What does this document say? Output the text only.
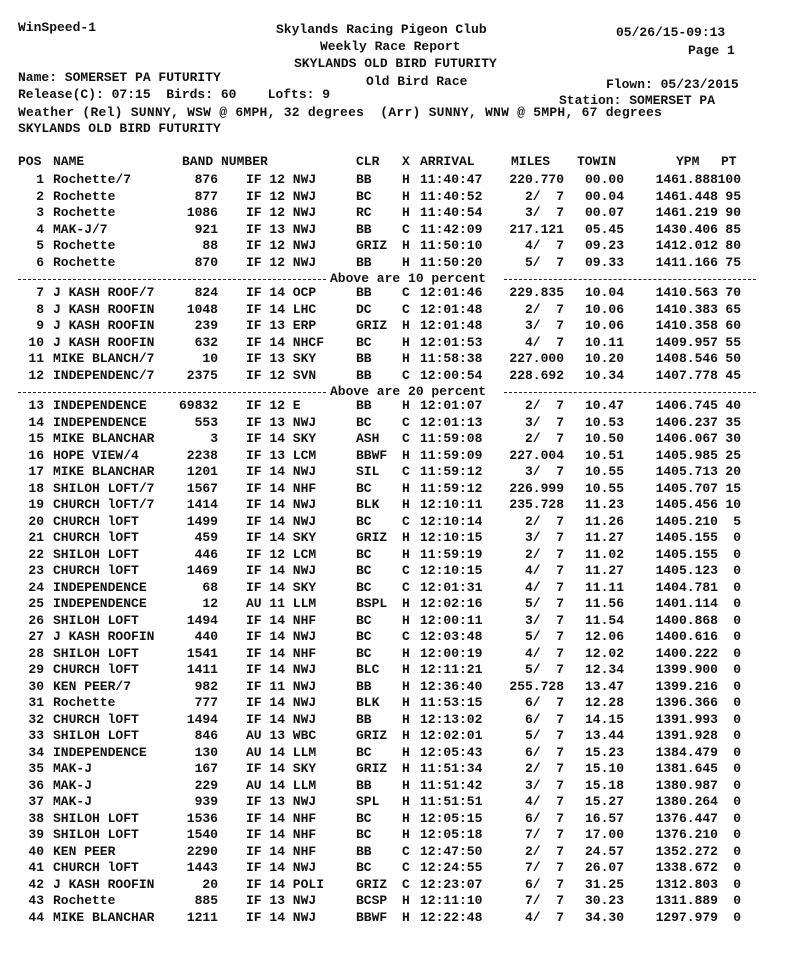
WinSpeed-1	Skylands Racing Pigeon Club	05/26/15-09:13
Weekly Race Report	Page 1
SKYLANDS OLD BIRD FUTURITY
Name: SOMERSET PA FUTURITY	Old Bird Race	Flown: 05/23/2015
Release(C): 07:15  Birds: 60    Lofts: 9	Station: SOMERSET PA
Weather (Rel) SUNNY, WSW @ 6MPH, 32 degrees  (Arr) SUNNY, WNW @ 5MPH, 67 degrees
SKYLANDS OLD BIRD FUTURITY
POS NAME	BAND NUMBER	CLR X ARRIVAL	MILES TOWIN	YPM PT
1 Rochette/7	876 IF 12 NWJ	BB	H 11:40:47	220.770	00.00	1461.888 100
2 Rochette	877 IF 12 NWJ	BC	H 11:40:52	2/  7	00.04	1461.448 95
3 Rochette	1086 IF 12 NWJ	RC	H 11:40:54	3/  7	00.07	1461.219 90
4 MAK-J/7	921 IF 13 NWJ	BB	C 11:42:09	217.121	05.45	1430.406 85
5 Rochette	88 IF 12 NWJ	GRIZ	H 11:50:10	4/  7	09.23	1412.012 80
6 Rochette	870 IF 12 NWJ	BB	H 11:50:20	5/  7	09.33	1411.166 75
Above are 10 percent
7 J KASH ROOF/7	824 IF 14 OCP	BB	C 12:01:46	229.835	10.04	1410.563 70
8 J KASH ROOFIN	1048 IF 14 LHC	DC	C 12:01:48	2/  7	10.06	1410.383 65
9 J KASH ROOFIN	239 IF 13 ERP	GRIZ	H 12:01:48	3/  7	10.06	1410.358 60
10 J KASH ROOFIN	632 IF 14 NHCF	BC	H 12:01:53	4/  7	10.11	1409.957 55
11 MIKE BLANCH/7	10 IF 13 SKY	BB	H 11:58:38	227.000	10.20	1408.546 50
12 INDEPENDENC/7	2375 IF 12 SVN	BB	C 12:00:54	228.692	10.34	1407.778 45
Above are 20 percent
13 INDEPENDENCE	69832 IF 12 E	BB	H 12:01:07	2/  7	10.47	1406.745 40
14 INDEPENDENCE	553 IF 13 NWJ	BC	C 12:01:13	3/  7	10.53	1406.237 35
15 MIKE BLANCHAR	3 IF 14 SKY	ASH	C 11:59:08	2/  7	10.50	1406.067 30
16 HOPE VIEW/4	2238 IF 13 LCM	BBWF	H 11:59:09	227.004	10.51	1405.985 25
17 MIKE BLANCHAR	1201 IF 14 NWJ	SIL	C 11:59:12	3/  7	10.55	1405.713 20
18 SHILOH LOFT/7	1567 IF 14 NHF	BC	H 11:59:12	226.999	10.55	1405.707 15
19 CHURCH lOFT/7	1414 IF 14 NWJ	BLK	H 12:10:11	235.728	11.23	1405.456 10
20 CHURCH lOFT	1499 IF 14 NWJ	BC	C 12:10:14	2/  7	11.26	1405.210	5
21 CHURCH lOFT	459 IF 14 SKY	GRIZ	H 12:10:15	3/  7	11.27	1405.155	0
22 SHILOH LOFT	446 IF 12 LCM	BC	H 11:59:19	2/  7	11.02	1405.155	0
23 CHURCH lOFT	1469 IF 14 NWJ	BC	C 12:10:15	4/  7	11.27	1405.123	0
24 INDEPENDENCE	68 IF 14 SKY	BC	C 12:01:31	4/  7	11.11	1404.781	0
25 INDEPENDENCE	12 AU 11 LLM	BSPL	H 12:02:16	5/  7	11.56	1401.114	0
26 SHILOH LOFT	1494 IF 14 NHF	BC	H 12:00:11	3/  7	11.54	1400.868	0
27 J KASH ROOFIN	440 IF 14 NWJ	BC	C 12:03:48	5/  7	12.06	1400.616	0
28 SHILOH LOFT	1541 IF 14 NHF	BC	H 12:00:19	4/  7	12.02	1400.222	0
29 CHURCH lOFT	1411 IF 14 NWJ	BLC	H 12:11:21	5/  7	12.34	1399.900	0
30 KEN PEER/7	982 IF 11 NWJ	BB	H 12:36:40	255.728	13.47	1399.216	0
31 Rochette	777 IF 14 NWJ	BLK	H 11:53:15	6/  7	12.28	1396.366	0
32 CHURCH lOFT	1494 IF 14 NWJ	BB	H 12:13:02	6/  7	14.15	1391.993	0
33 SHILOH LOFT	846 AU 13 WBC	GRIZ	H 12:02:01	5/  7	13.44	1391.928	0
34 INDEPENDENCE	130 AU 14 LLM	BC	H 12:05:43	6/  7	15.23	1384.479	0
35 MAK-J	167 IF 14 SKY	GRIZ	H 11:51:34	2/  7	15.10	1381.645	0
36 MAK-J	229 AU 14 LLM	BB	H 11:51:42	3/  7	15.18	1380.987	0
37 MAK-J	939 IF 13 NWJ	SPL	H 11:51:51	4/  7	15.27	1380.264	0
38 SHILOH LOFT	1536 IF 14 NHF	BC	H 12:05:15	6/  7	16.57	1376.447	0
39 SHILOH LOFT	1540 IF 14 NHF	BC	H 12:05:18	7/  7	17.00	1376.210	0
40 KEN PEER	2290 IF 14 NHF	BB	C 12:47:50	2/  7	24.57	1352.272	0
41 CHURCH lOFT	1443 IF 14 NWJ	BC	C 12:24:55	7/  7	26.07	1338.672	0
42 J KASH ROOFIN	20 IF 14 POLI	GRIZ	C 12:23:07	6/  7	31.25	1312.803	0
43 Rochette	885 IF 13 NWJ	BCSP	H 12:11:10	7/  7	30.23	1311.889	0
44 MIKE BLANCHAR	1211 IF 14 NWJ	BBWF	H 12:22:48	4/  7	34.30	1297.979	0
